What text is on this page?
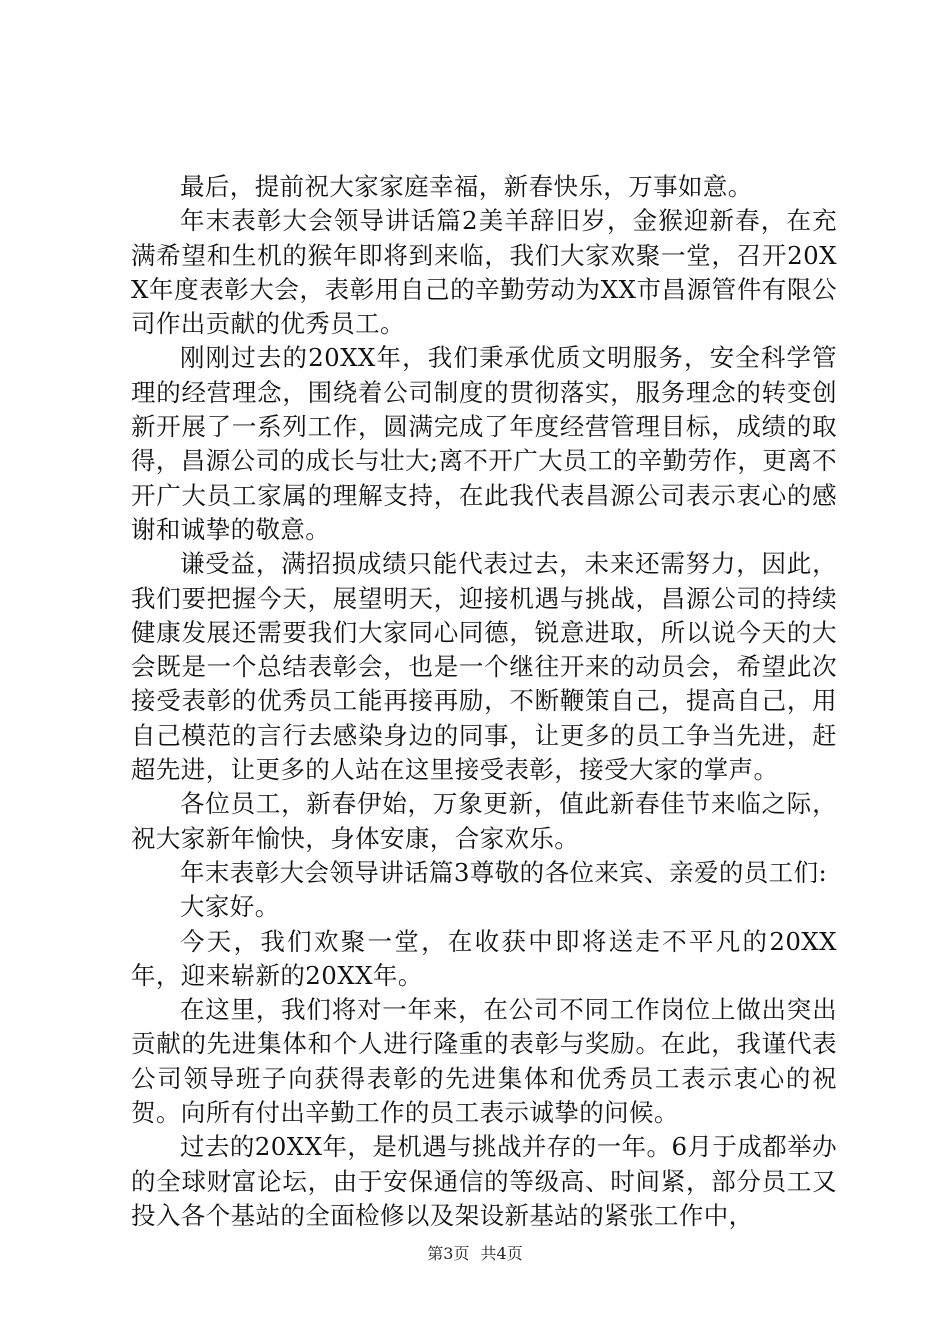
最后，提前祝大家家庭幸福，新春快乐，万事如意。

年末表彰大会领导讲话篇2美羊辞旧岁，金猴迎新春，在充满希望和生机的猴年即将到来临，我们大家欢聚一堂，召开20XX年度表彰大会，表彰用自己的辛勤劳动为XX市昌源管件有限公司作出贡献的优秀员工。

刚刚过去的20XX年，我们秉承优质文明服务，安全科学管理的经营理念，围绕着公司制度的贯彻落实，服务理念的转变创新开展了一系列工作，圆满完成了年度经营管理目标，成绩的取得，昌源公司的成长与壮大;离不开广大员工的辛勤劳作，更离不开广大员工家属的理解支持，在此我代表昌源公司表示衷心的感谢和诚挚的敬意。

谦受益，满招损成绩只能代表过去，未来还需努力，因此，我们要把握今天，展望明天，迎接机遇与挑战，昌源公司的持续健康发展还需要我们大家同心同德，锐意进取，所以说今天的大会既是一个总结表彰会，也是一个继往开来的动员会，希望此次接受表彰的优秀员工能再接再励，不断鞭策自己，提高自己，用自己模范的言行去感染身边的同事，让更多的员工争当先进，赶超先进，让更多的人站在这里接受表彰，接受大家的掌声。

各位员工，新春伊始，万象更新，值此新春佳节来临之际，祝大家新年愉快，身体安康，合家欢乐。

年末表彰大会领导讲话篇3尊敬的各位来宾、亲爱的员工们:

大家好。

今天，我们欢聚一堂，在收获中即将送走不平凡的20XX年，迎来崭新的20XX年。

在这里，我们将对一年来，在公司不同工作岗位上做出突出贡献的先进集体和个人进行隆重的表彰与奖励。在此，我谨代表公司领导班子向获得表彰的先进集体和优秀员工表示衷心的祝贺。向所有付出辛勤工作的员工表示诚挚的问候。

过去的20XX年，是机遇与挑战并存的一年。6月于成都举办的全球财富论坛，由于安保通信的等级高、时间紧，部分员工又投入各个基站的全面检修以及架设新基站的紧张工作中，

第3页 共4页
